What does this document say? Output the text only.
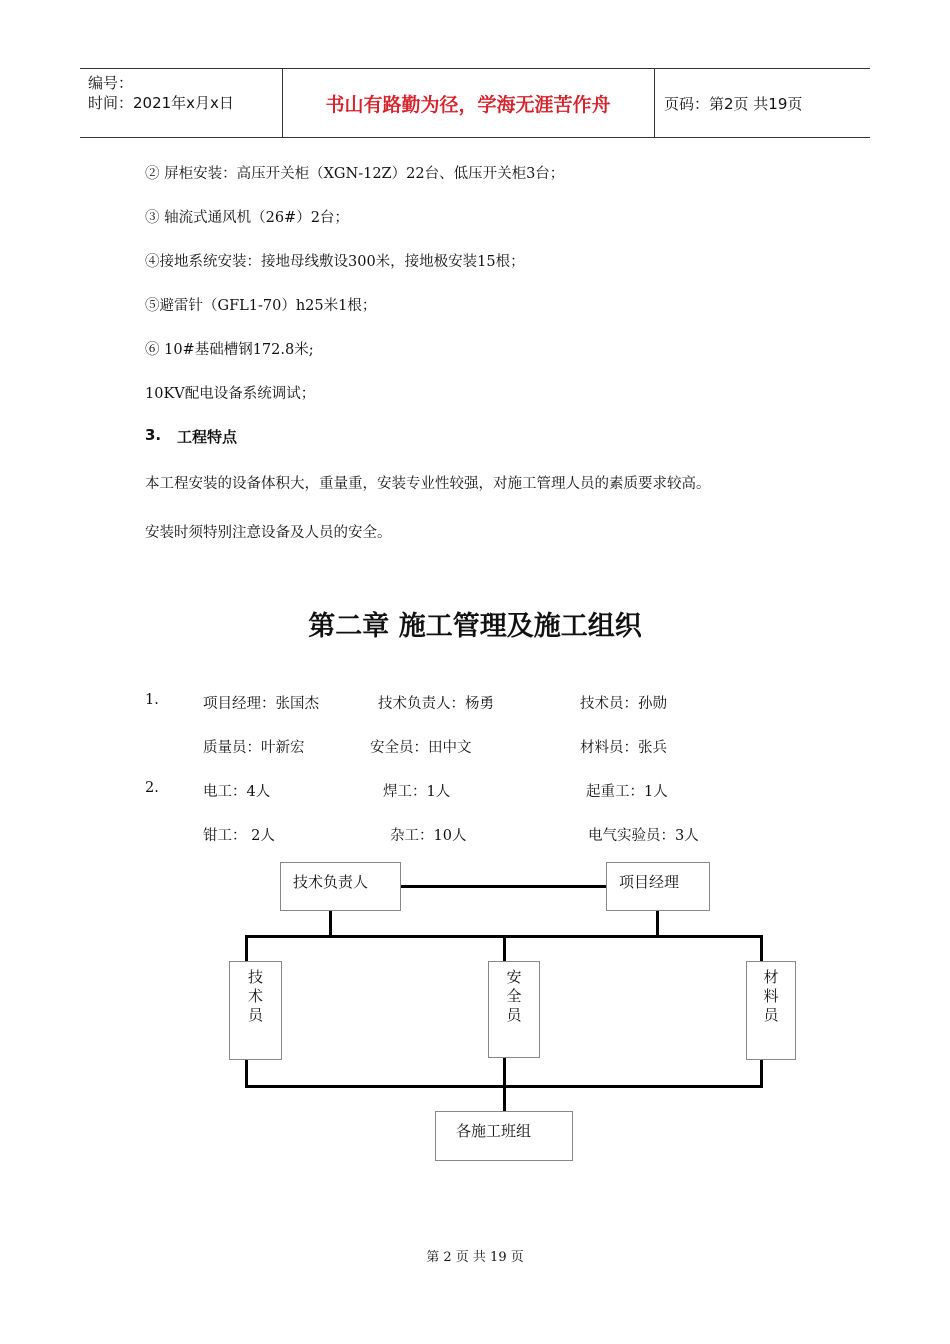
编号：
时间：2021年x月x日	书山有路勤为径，学海无涯苦作舟	页码：第2页 共19页
② 屏柜安装：高压开关柜（XGN-12Z）22台、低压开关柜3台；
③ 轴流式通风机（26#）2台；
④接地系统安装：接地母线敷设300米，接地极安装15根；
⑤避雷针（GFL1-70）h25米1根；
⑥ 10#基础槽钢172.8米;
10KV配电设备系统调试；
3. 工程特点
本工程安装的设备体积大，重量重，安装专业性较强，对施工管理人员的素质要求较高。
安装时须特别注意设备及人员的安全。
第二章 施工管理及施工组织
1.	项目经理：张国杰	技术负责人：杨勇	技术员：孙勋
质量员：叶新宏	安全员：田中文	材料员：张兵
2.	电工：4人	焊工：1人	起重工：1人
钳工： 2人	杂工：10人	电气实验员：3人
技术负责人	项目经理
技
术
员
安
全
员
材
料
员
各施工班组
第 2 页 共 19 页
